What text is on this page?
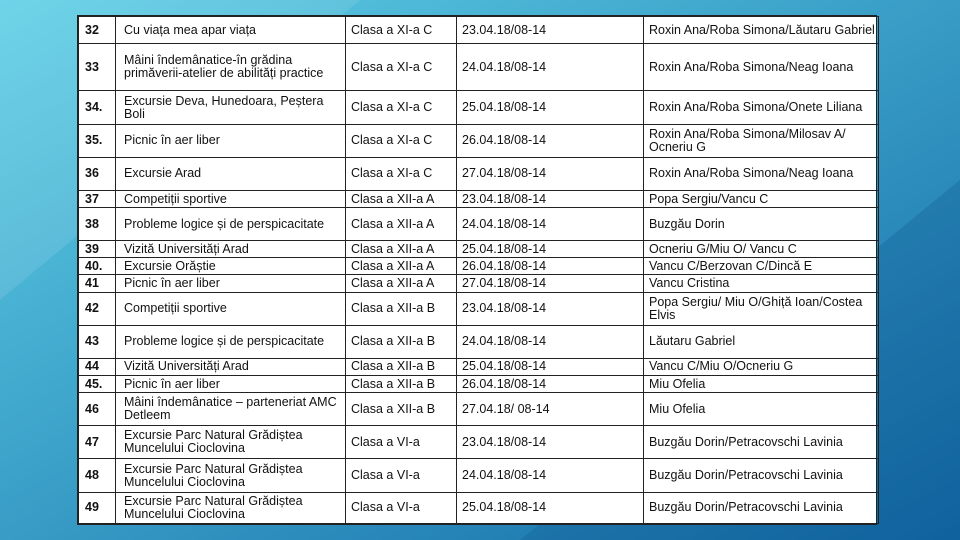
32	Cu viața mea apar viața	Clasa a XI-a C	23.04.18/08-14	Roxin Ana/Roba Simona/Lăutaru Gabriel
33	Mâini îndemânatice-în grădina primăverii-atelier de abilități practice	Clasa a XI-a C	24.04.18/08-14	Roxin Ana/Roba Simona/Neag Ioana
34.	Excursie Deva, Hunedoara, Peștera Boli	Clasa a XI-a C	25.04.18/08-14	Roxin Ana/Roba Simona/Onete Liliana
35.	Picnic în aer liber	Clasa a XI-a C	26.04.18/08-14	Roxin Ana/Roba Simona/Milosav A/ Ocneriu G
36	Excursie Arad	Clasa a XI-a C	27.04.18/08-14	Roxin Ana/Roba Simona/Neag Ioana
37	Competiții sportive	Clasa a XII-a A	23.04.18/08-14	Popa Sergiu/Vancu C
38	Probleme logice și de perspicacitate	Clasa a XII-a A	24.04.18/08-14	Buzgău Dorin
39	Vizită Universități Arad	Clasa a XII-a A	25.04.18/08-14	Ocneriu G/Miu O/ Vancu C
40.	Excursie Orăștie	Clasa a XII-a A	26.04.18/08-14	Vancu C/Berzovan C/Dincă E
41	Picnic în aer liber	Clasa a XII-a A	27.04.18/08-14	Vancu Cristina
42	Competiții sportive	Clasa a XII-a B	23.04.18/08-14	Popa Sergiu/ Miu O/Ghiță Ioan/Costea Elvis
43	Probleme logice și de perspicacitate	Clasa a XII-a B	24.04.18/08-14	Lăutaru Gabriel
44	Vizită Universități Arad	Clasa a XII-a B	25.04.18/08-14	Vancu C/Miu O/Ocneriu G
45.	Picnic în aer liber	Clasa a XII-a B	26.04.18/08-14	Miu Ofelia
46	Mâini îndemânatice – parteneriat AMC Detleem	Clasa a XII-a B	27.04.18/ 08-14	Miu Ofelia
47	Excursie Parc Natural Grădiștea Muncelului Cioclovina	Clasa a VI-a	23.04.18/08-14	Buzgău Dorin/Petracovschi Lavinia
48	Excursie Parc Natural Grădiștea Muncelului Cioclovina	Clasa a VI-a	24.04.18/08-14	Buzgău Dorin/Petracovschi Lavinia
49	Excursie Parc Natural Grădiștea Muncelului Cioclovina	Clasa a VI-a	25.04.18/08-14	Buzgău Dorin/Petracovschi Lavinia
